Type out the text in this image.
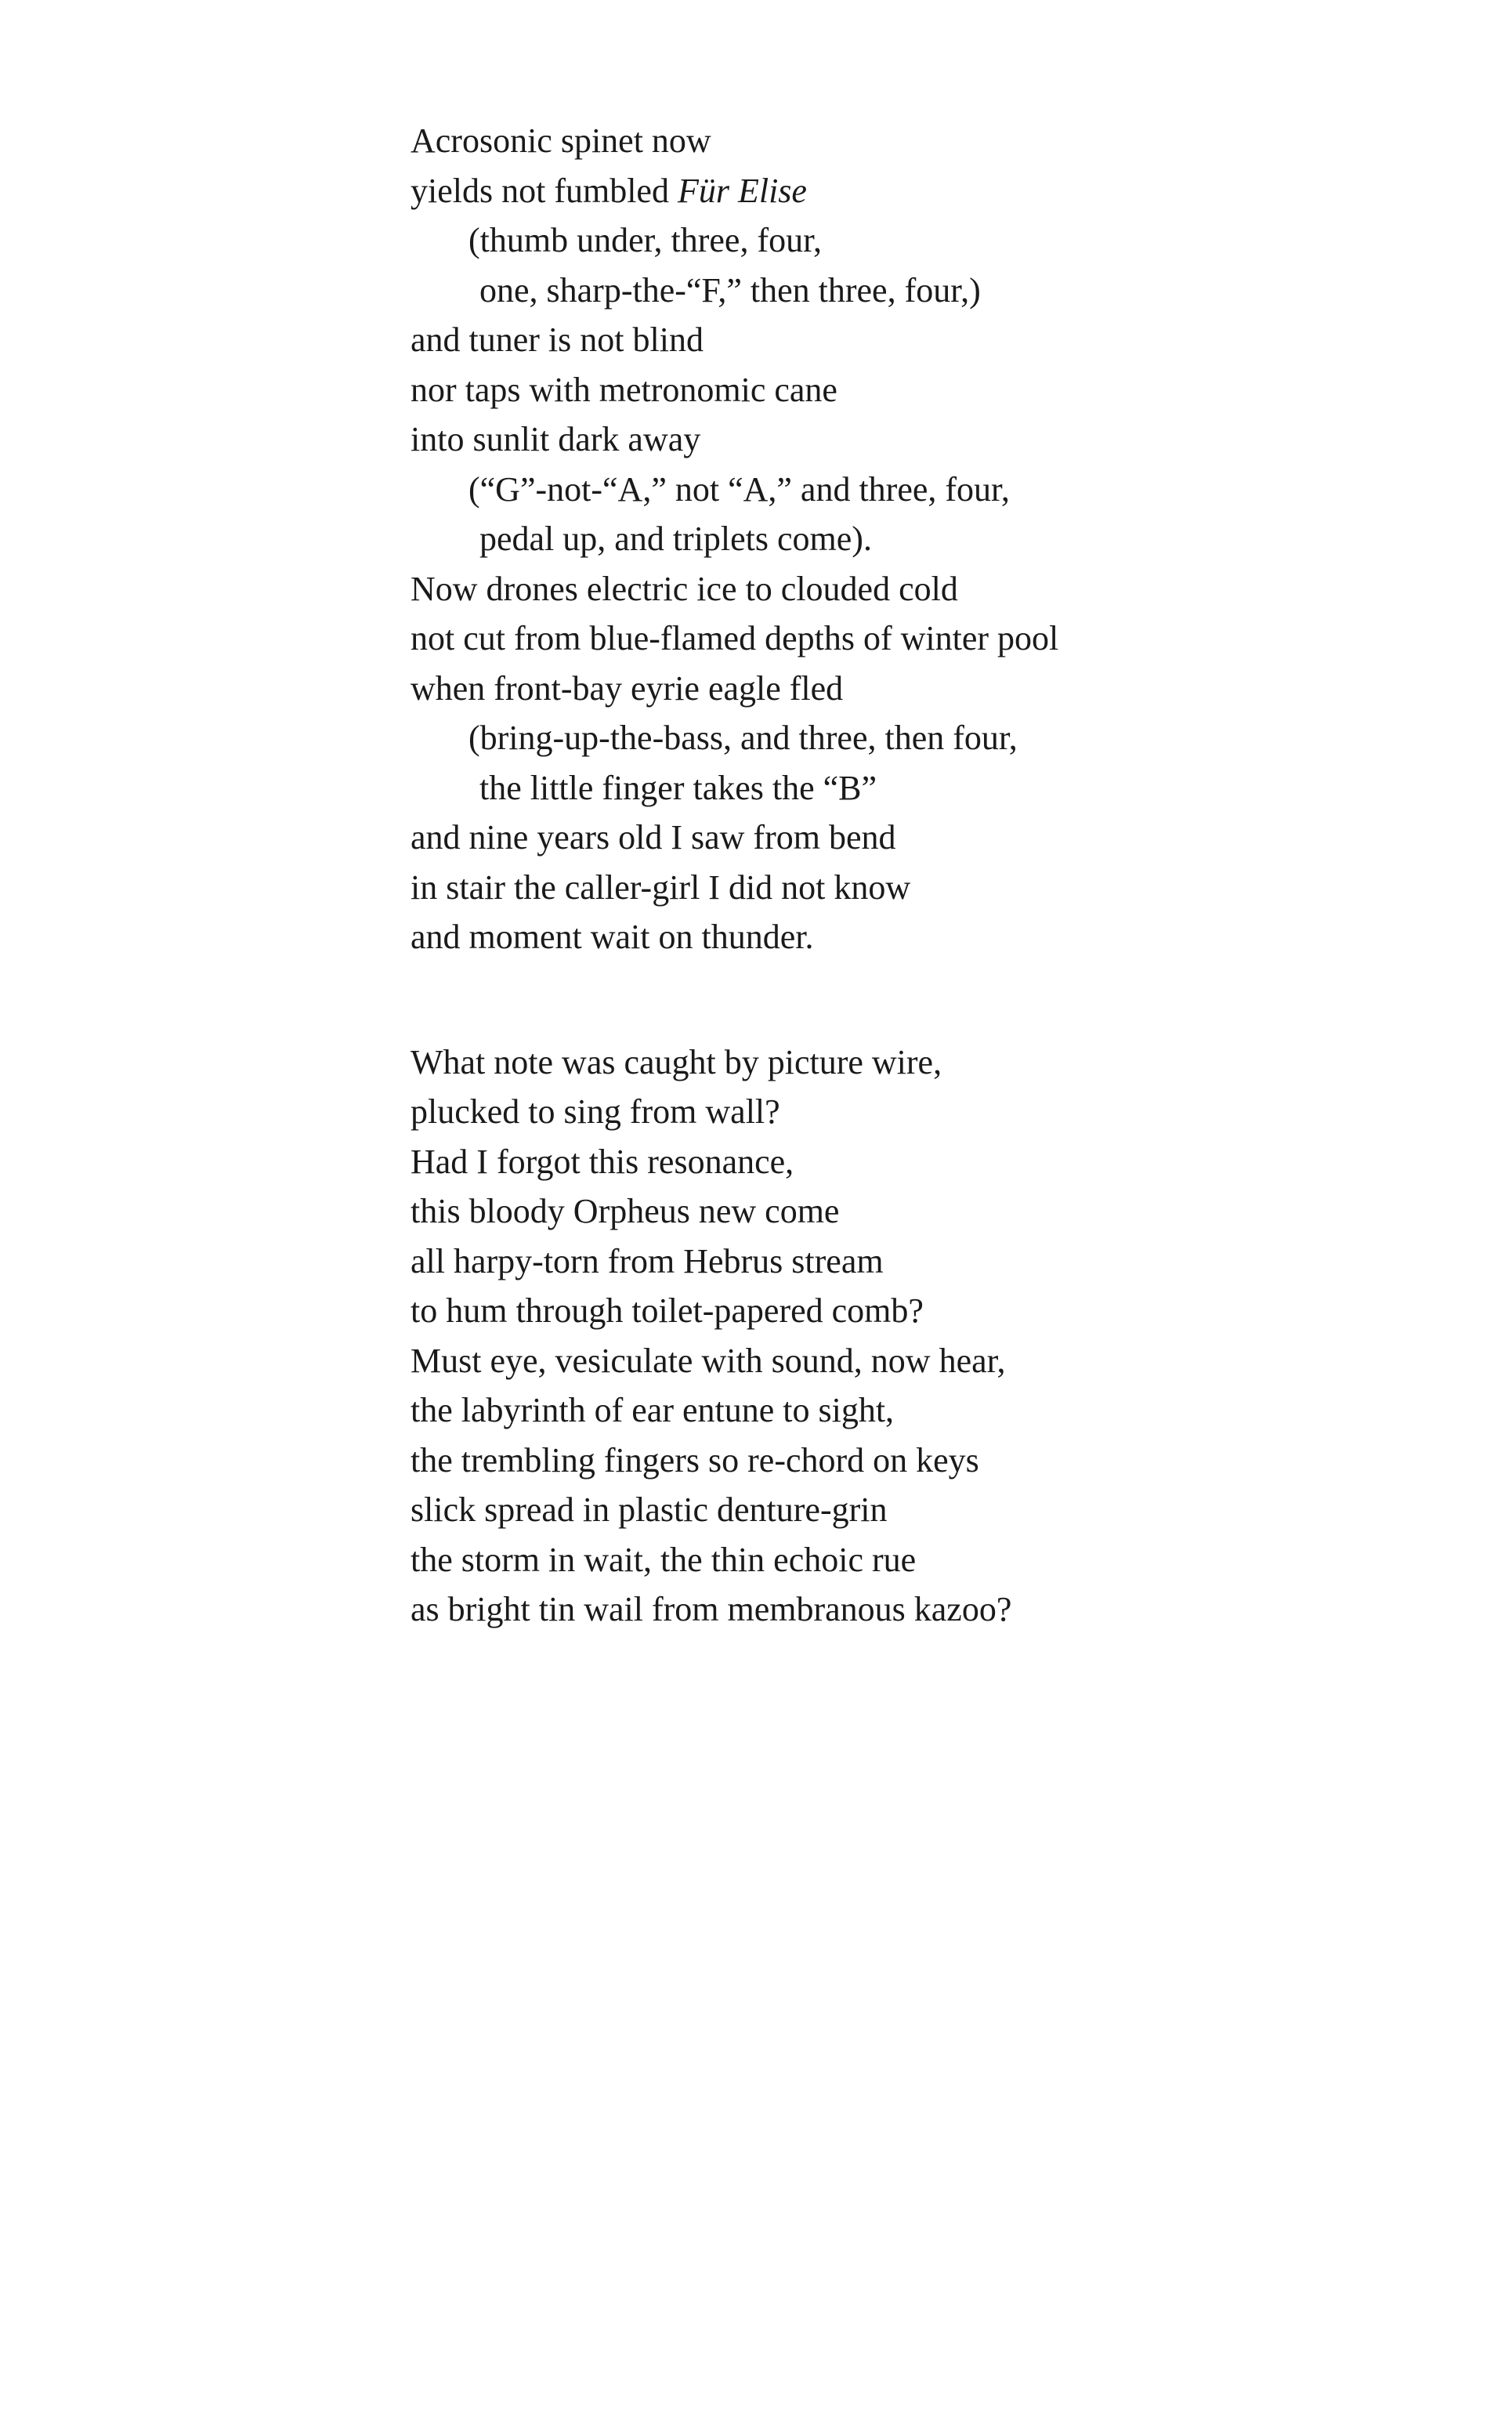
Acrosonic spinet now
yields not fumbled Für Elise
(thumb under, three, four,
one, sharp-the-“F,” then three, four,)
and tuner is not blind
nor taps with metronomic cane
into sunlit dark away
(“G”-not-“A,” not “A,” and three, four,
pedal up, and triplets come).
Now drones electric ice to clouded cold
not cut from blue-flamed depths of winter pool
when front-bay eyrie eagle fled
(bring-up-the-bass, and three, then four,
the little finger takes the “B”
and nine years old I saw from bend
in stair the caller-girl I did not know
and moment wait on thunder.
What note was caught by picture wire,
plucked to sing from wall?
Had I forgot this resonance,
this bloody Orpheus new come
all harpy-torn from Hebrus stream
to hum through toilet-papered comb?
Must eye, vesiculate with sound, now hear,
the labyrinth of ear entune to sight,
the trembling fingers so re-chord on keys
slick spread in plastic denture-grin
the storm in wait, the thin echoic rue
as bright tin wail from membranous kazoo?
